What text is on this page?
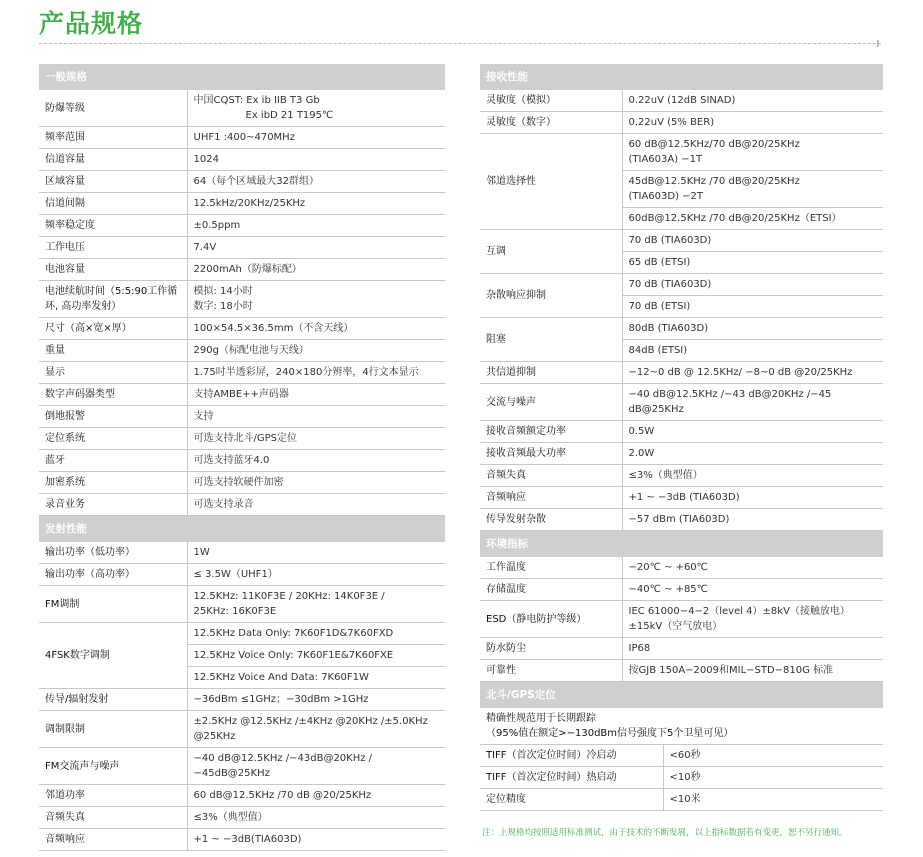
产品规格
一般规格	
防爆等级	中国CQST: Ex ib IIB T3 Gb
Ex ibD 21 T195℃

频率范围	UHF1 :400~470MHz

信道容量	1024

区域容量	64（每个区域最大32群组）

信道间隔	12.5kHz/20KHz/25KHz

频率稳定度	±0.5ppm

工作电压	7.4V

电池容量	2200mAh（防爆标配）

电池续航时间（5:5:90工作循环, 高功率发射）	模拟: 14小时
数字: 18小时

尺寸（高×宽×厚）	100×54.5×36.5mm（不含天线）

重量	290g（标配电池与天线）

显示	1.75吋半透彩屏，240×180分辨率，4行文本显示

数字声码器类型	支持AMBE++声码器

倒地报警	支持

定位系统	可选支持北斗/GPS定位

蓝牙	可选支持蓝牙4.0

加密系统	可选支持软硬件加密

录音业务	可选支持录音

发射性能	
输出功率（低功率）	1W

输出功率（高功率）	≤ 3.5W（UHF1）

FM调制	12.5KHz: 11K0F3E / 20KHz: 14K0F3E /
25KHz: 16K0F3E

4FSK数字调制	12.5KHz Data Only: 7K60F1D&7K60FXD
	12.5KHz Voice Only: 7K60F1E&7K60FXE
	12.5KHz Voice And Data: 7K60F1W
传导/辐射发射	−36dBm ≤1GHz；−30dBm >1GHz

调制限制	±2.5KHz @12.5KHz /±4KHz @20KHz /±5.0KHz
@25KHz

FM交流声与噪声	−40 dB@12.5KHz /−43dB@20KHz /−45dB@25KHz

邻道功率	60 dB@12.5KHz /70 dB @20/25KHz

音频失真	≤3%（典型值）

音频响应	+1 ~ −3dB(TIA603D)
接收性能	
灵敏度（模拟）	0.22uV (12dB SINAD)

灵敏度（数字）	0.22uV (5% BER)

邻道选择性	60 dB@12.5KHz/70 dB@20/25KHz
(TIA603A) −1T

	45dB@12.5KHz /70 dB@20/25KHz
(TIA603D) −2T

	60dB@12.5KHz /70 dB@20/25KHz（ETSI）

互调	70 dB (TIA603D)
	65 dB (ETSI)
杂散响应抑制	70 dB (TIA603D)
	70 dB (ETSI)
阻塞	80dB (TIA603D)
	84dB (ETSI)
共信道抑制	−12~0 dB @ 12.5KHz/ −8~0 dB @20/25KHz

交流与噪声	−40 dB@12.5KHz /−43 dB@20KHz /−45
dB@25KHz

接收音频额定功率	0.5W

接收音频最大功率	2.0W

音频失真	≤3%（典型值）

音频响应	+1 ~ −3dB (TIA603D)

传导发射杂散	−57 dBm (TIA603D)

环境指标	
工作温度	−20℃ ~ +60℃

存储温度	−40℃ ~ +85℃

ESD（静电防护等级）	IEC 61000−4−2（level 4）±8kV（接触放电）
±15kV（空气放电）

防水防尘	IP68

可靠性	按GJB 150A−2009和MIL−STD−810G 标准
北斗/GPS定位	

精确性规范用于长期跟踪
（95%值在额定>−130dBm信号强度下5个卫星可见）	

TIFF（首次定位时间）冷启动	<60秒
TIFF（首次定位时间）热启动	<10秒
定位精度	<10米
注：上规格均按照适用标准测试，由于技术的不断发展，以上指标数据若有变更，恕不另行通知。
